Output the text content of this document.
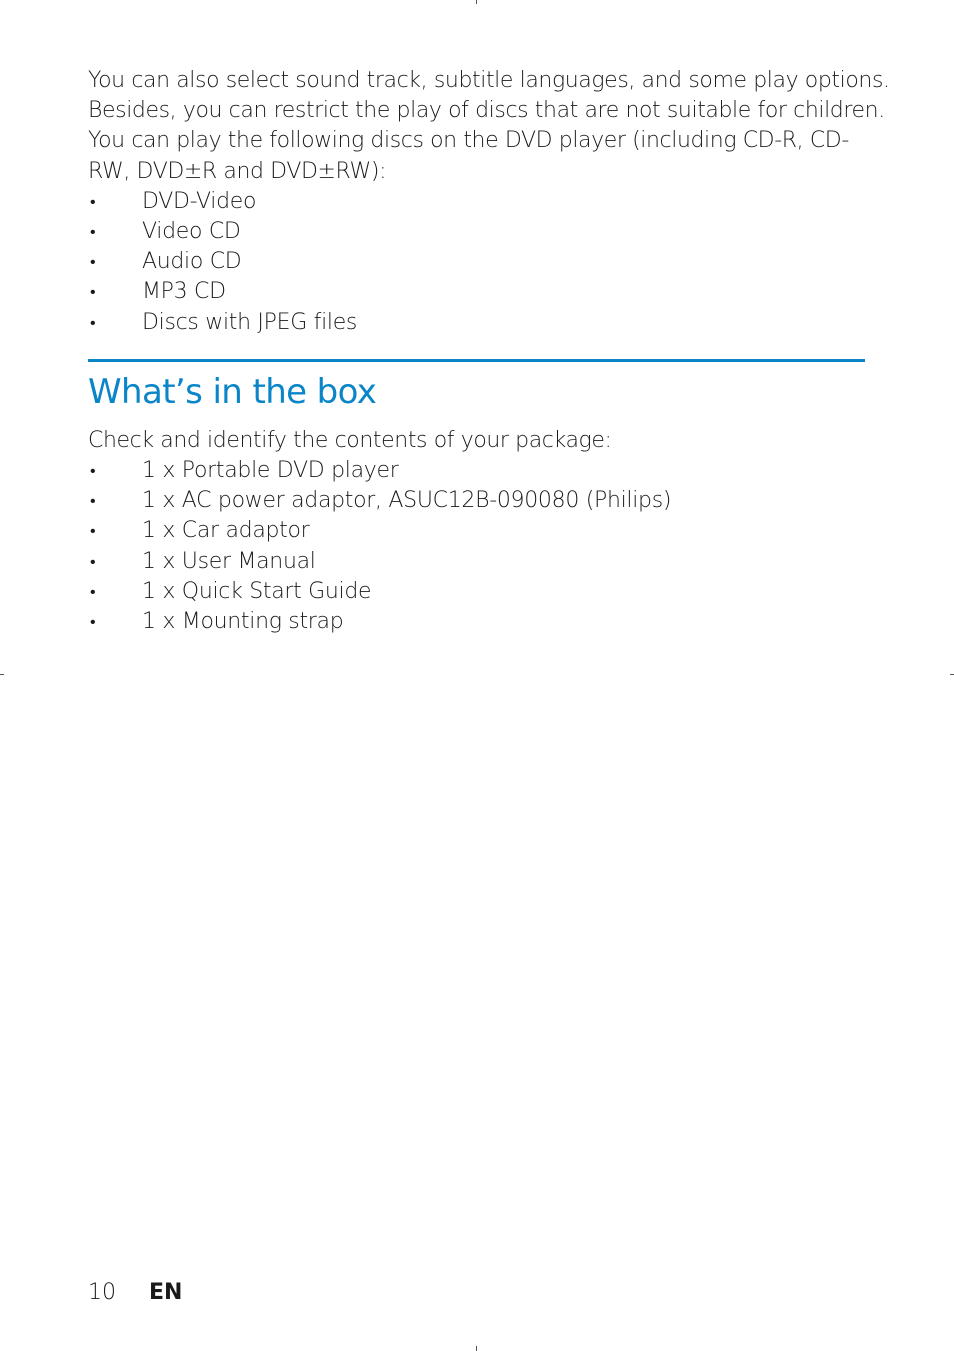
You can also select sound track, subtitle languages, and some play options.
Besides, you can restrict the play of discs that are not suitable for children.
You can play the following discs on the DVD player (including CD-R, CD-
RW, DVD±R and DVD±RW):

• DVD-Video
• Video CD
• Audio CD
• MP3 CD
• Discs with JPEG files
What’s in the box

Check and identify the contents of your package:

• 1 x Portable DVD player
• 1 x AC power adaptor, ASUC12B-090080 (Philips)
• 1 x Car adaptor
• 1 x User Manual
• 1 x Quick Start Guide
• 1 x Mounting strap
10 EN
